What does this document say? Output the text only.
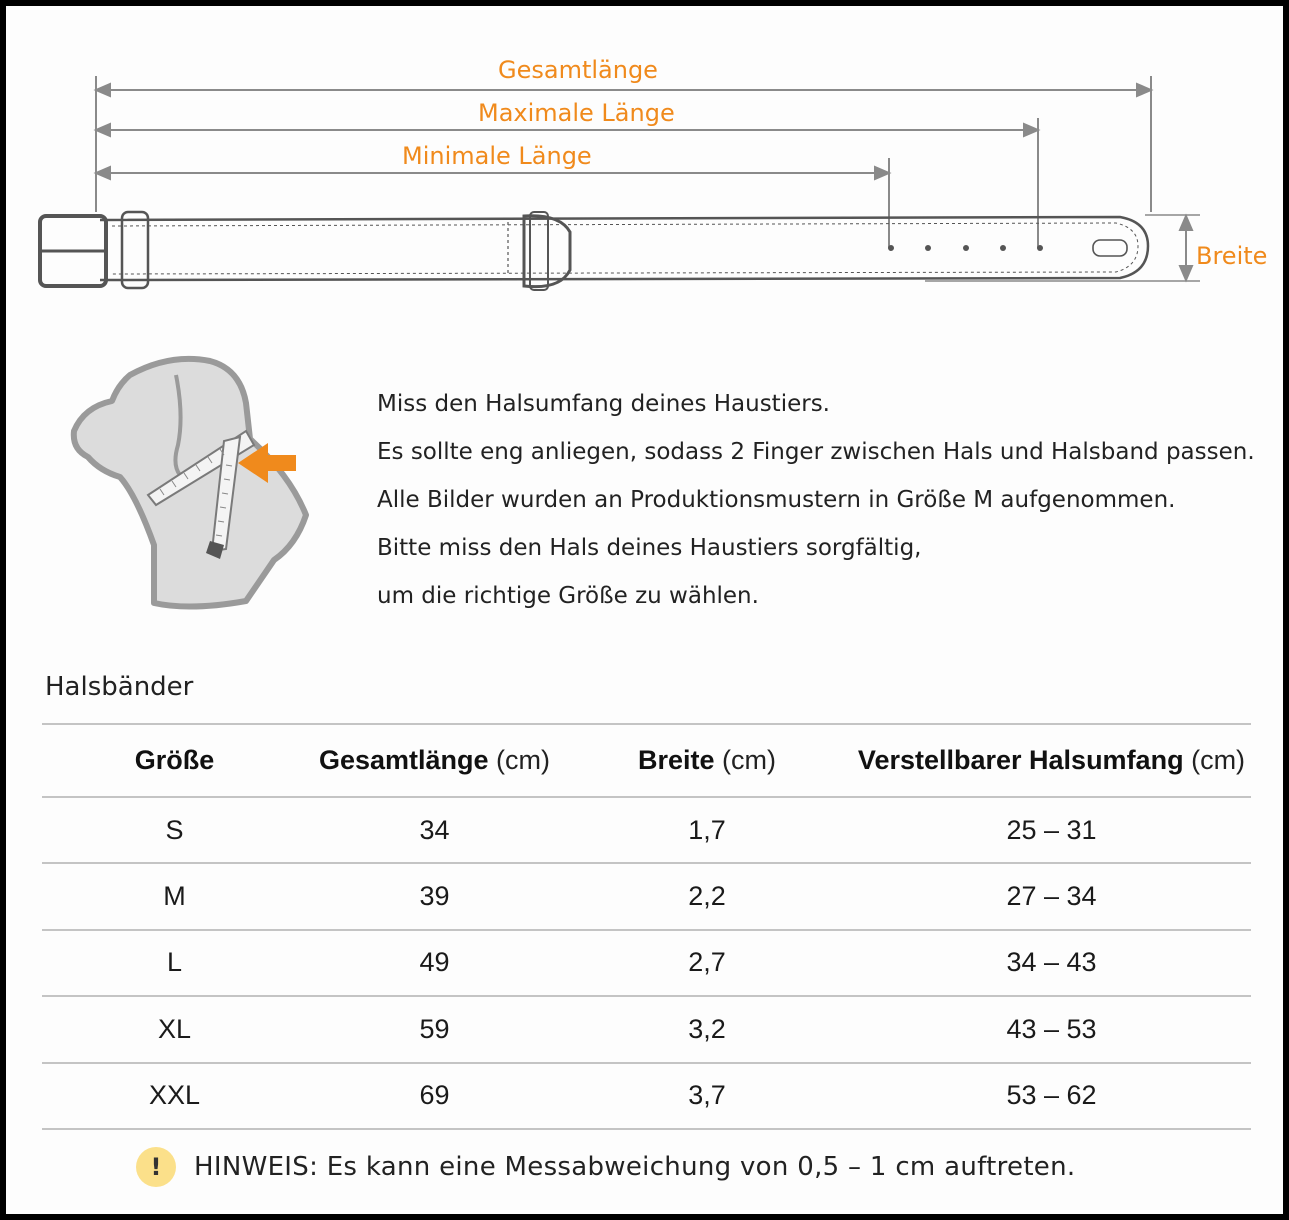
Gesamtlänge
Maximale Länge
Minimale Länge
Breite
Miss den Halsumfang deines Haustiers.
Es sollte eng anliegen, sodass 2 Finger zwischen Hals und Halsband passen.
Alle Bilder wurden an Produktionsmustern in Größe M aufgenommen.
Bitte miss den Hals deines Haustiers sorgfältig,
um die richtige Größe zu wählen.
Halsbänder
Größe	Gesamtlänge (cm)	Breite (cm)	Verstellbarer Halsumfang (cm)
S	34	1,7	25 – 31
M	39	2,2	27 – 34
L	49	2,7	34 – 43
XL	59	3,2	43 – 53
XXL	69	3,7	53 – 62
!	HINWEIS: Es kann eine Messabweichung von 0,5 – 1 cm auftreten.
